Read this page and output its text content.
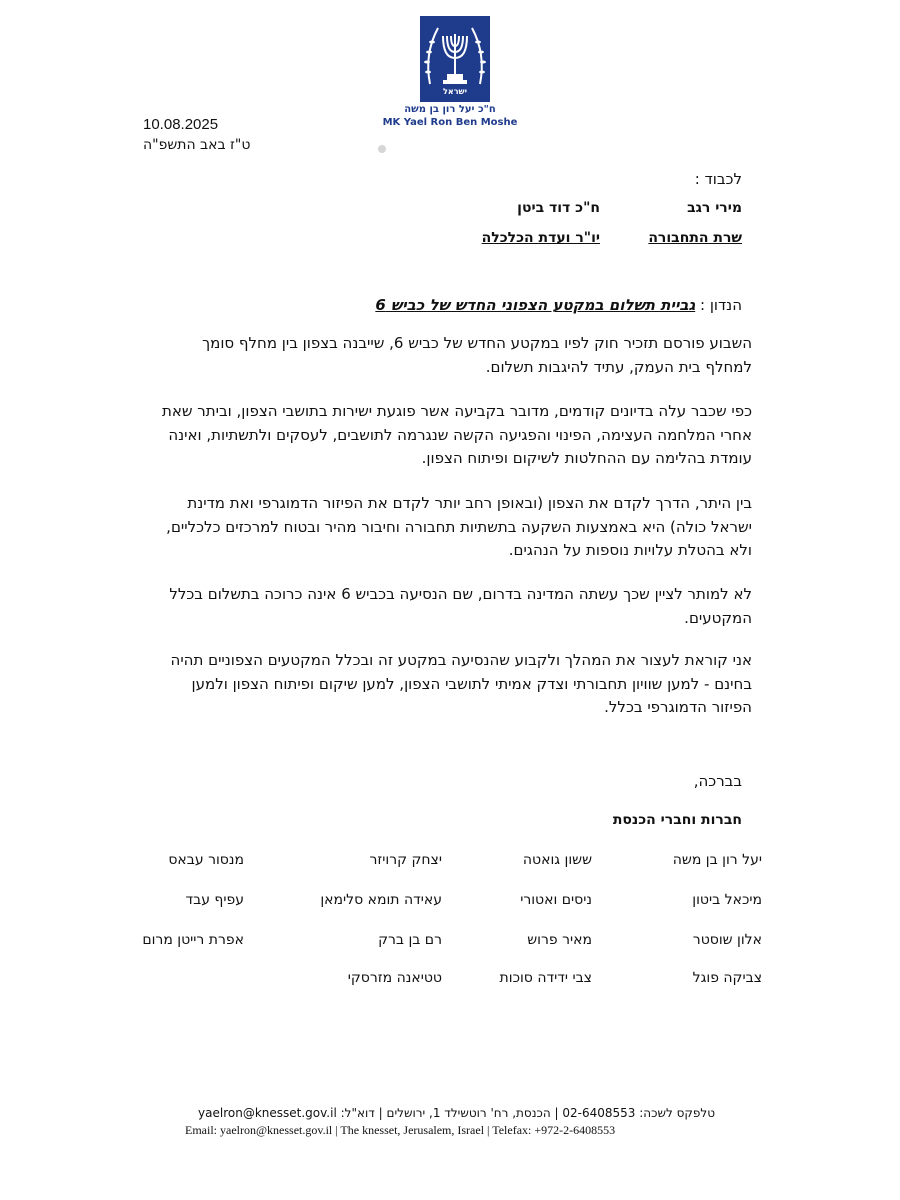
ישראל
ח"כ יעל רון בן משה
MK Yael Ron Ben Moshe
10.08.2025
ט"ז באב התשפ"ה
לכבוד :
מירי רגב
שרת התחבורה
ח"כ דוד ביטן
יו"ר ועדת הכלכלה
הנדון : גביית תשלום במקטע הצפוני החדש של כביש 6
השבוע פורסם תזכיר חוק לפיו במקטע החדש של כביש 6, שייבנה בצפון בין מחלף סומך למחלף בית העמק, עתיד להיגבות תשלום.
כפי שכבר עלה בדיונים קודמים, מדובר בקביעה אשר פוגעת ישירות בתושבי הצפון, וביתר שאת אחרי המלחמה העצימה, הפינוי והפגיעה הקשה שנגרמה לתושבים, לעסקים ולתשתיות, ואינה עומדת בהלימה עם ההחלטות לשיקום ופיתוח הצפון.
בין היתר, הדרך לקדם את הצפון (ובאופן רחב יותר לקדם את הפיזור הדמוגרפי ואת מדינת ישראל כולה) היא באמצעות השקעה בתשתיות תחבורה וחיבור מהיר ובטוח למרכזים כלכליים, ולא בהטלת עלויות נוספות על הנהגים.
לא למותר לציין שכך עשתה המדינה בדרום, שם הנסיעה בכביש 6 אינה כרוכה בתשלום בכלל המקטעים.
אני קוראת לעצור את המהלך ולקבוע שהנסיעה במקטע זה ובכלל המקטעים הצפוניים תהיה בחינם - למען שוויון תחבורתי וצדק אמיתי לתושבי הצפון, למען שיקום ופיתוח הצפון ולמען הפיזור הדמוגרפי בכלל.
בברכה,
חברות וחברי הכנסת
יעל רון בן משה
ששון גואטה
יצחק קרויזר
מנסור עבאס
מיכאל ביטון
ניסים ואטורי
עאידה תומא סלימאן
עפיף עבד
אלון שוסטר
מאיר פרוש
רם בן ברק
אפרת רייטן מרום
צביקה פוגל
צבי ידידה סוכות
טטיאנה מזרסקי
טלפקס לשכה: 02-6408553 | הכנסת, רח' רוטשילד 1, ירושלים | דוא"ל: yaelron@knesset.gov.il
Email: yaelron@knesset.gov.il | The knesset, Jerusalem, Israel | Telefax: +972-2-6408553
